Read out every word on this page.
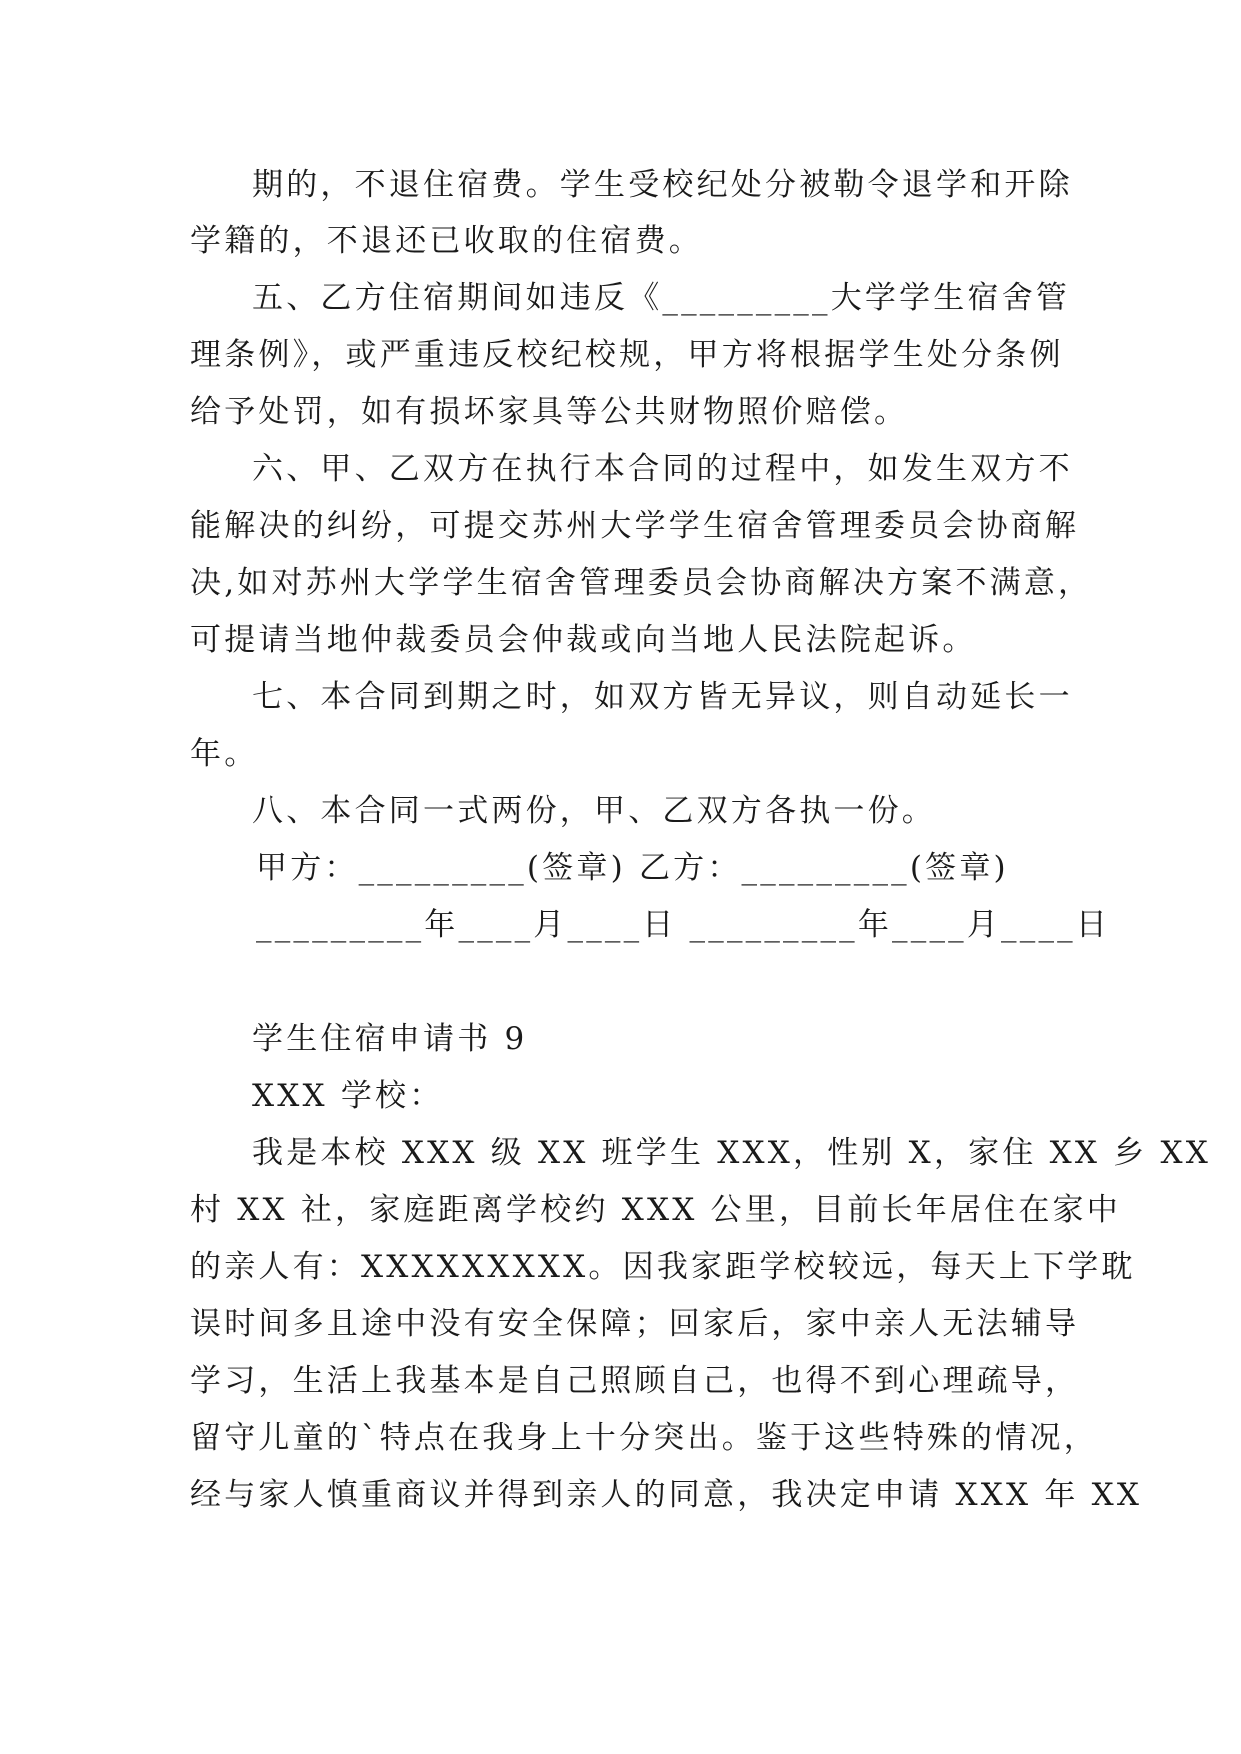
期的，不退住宿费。学生受校纪处分被勒令退学和开除
学籍的，不退还已收取的住宿费。
五、乙方住宿期间如违反《_________大学学生宿舍管
理条例》，或严重违反校纪校规，甲方将根据学生处分条例
给予处罚，如有损坏家具等公共财物照价赔偿。
六、甲、乙双方在执行本合同的过程中，如发生双方不
能解决的纠纷，可提交苏州大学学生宿舍管理委员会协商解
决,如对苏州大学学生宿舍管理委员会协商解决方案不满意，
可提请当地仲裁委员会仲裁或向当地人民法院起诉。
七、本合同到期之时，如双方皆无异议，则自动延长一
年。
八、本合同一式两份，甲、乙双方各执一份。
甲方：_________(签章) 乙方：_________(签章)
_________年____月____日 _________年____月____日
学生住宿申请书 9
XXX 学校：
我是本校 XXX 级 XX 班学生 XXX，性别 X，家住 XX 乡 XX
村 XX 社，家庭距离学校约 XXX 公里，目前长年居住在家中
的亲人有：XXXXXXXXX。因我家距学校较远，每天上下学耽
误时间多且途中没有安全保障；回家后，家中亲人无法辅导
学习，生活上我基本是自己照顾自己，也得不到心理疏导，
留守儿童的`特点在我身上十分突出。鉴于这些特殊的情况，
经与家人慎重商议并得到亲人的同意，我决定申请 XXX 年 XX
